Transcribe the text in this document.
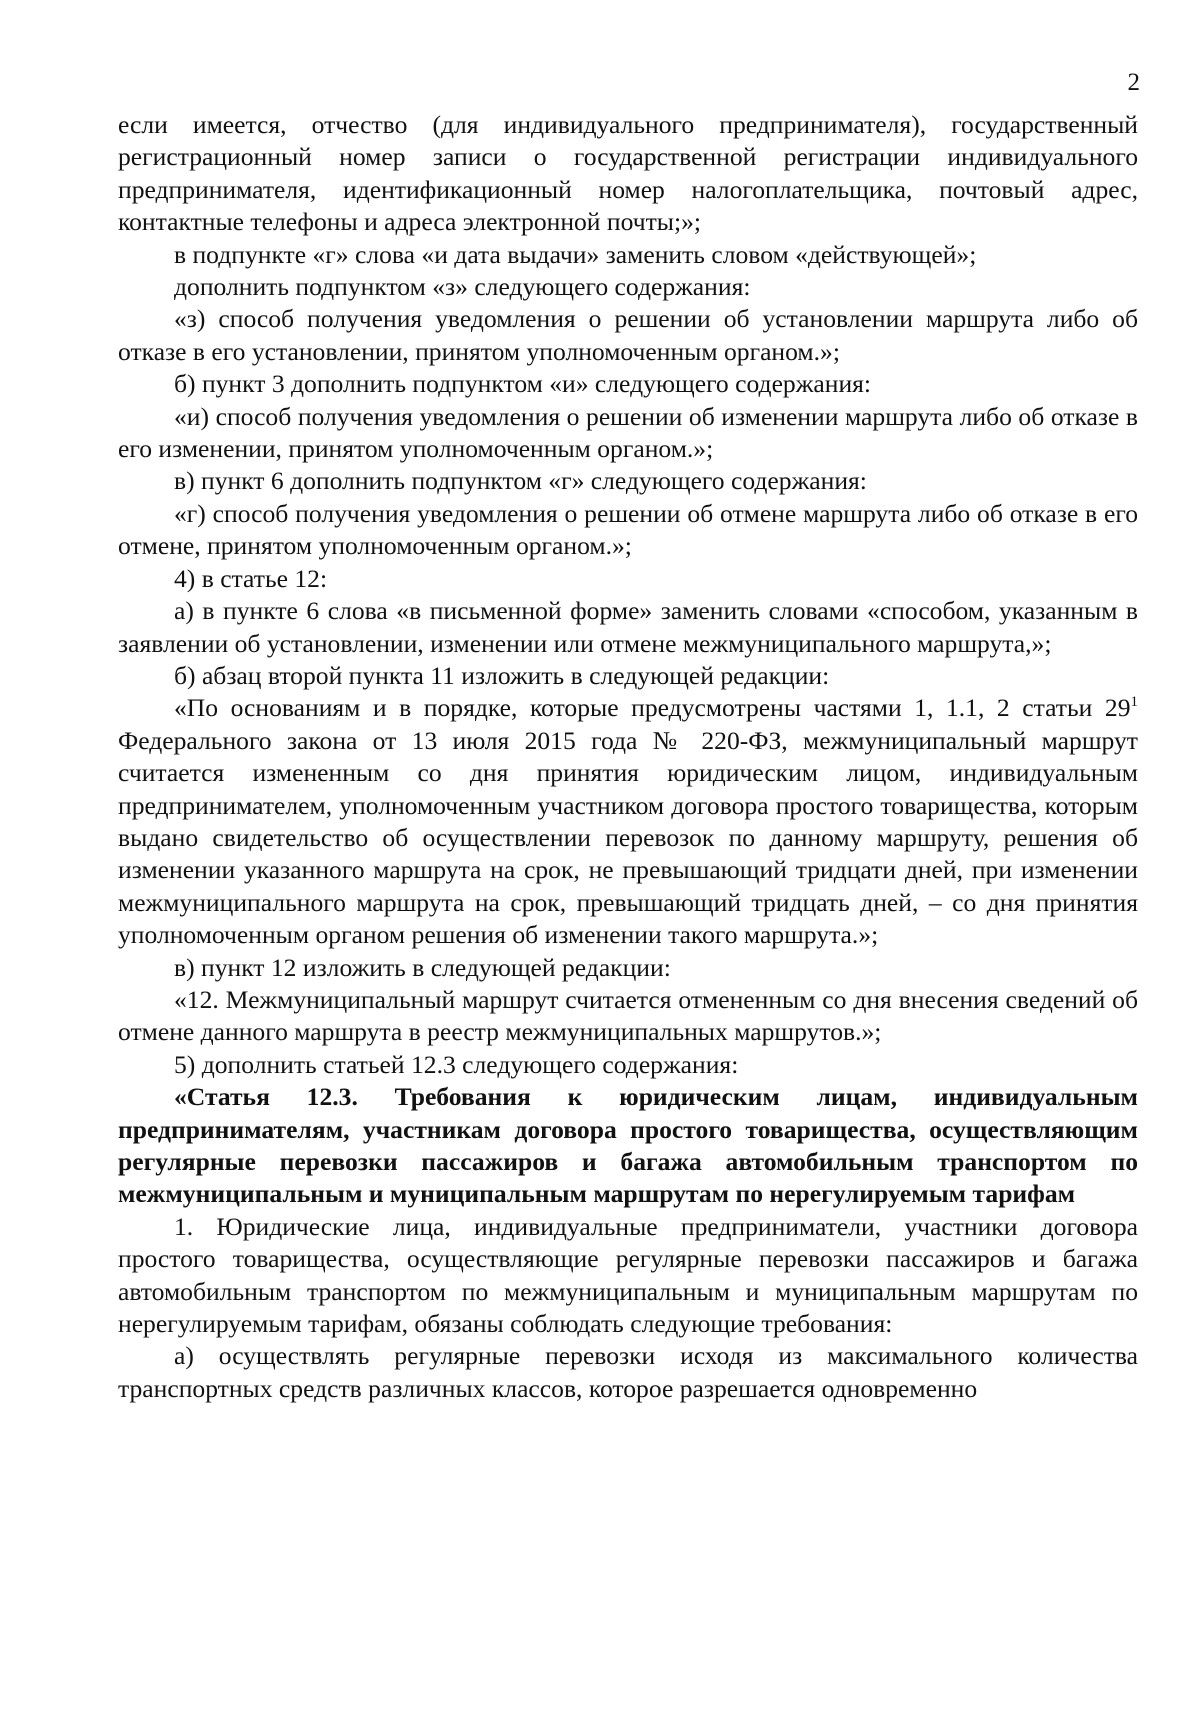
2

если имеется, отчество (для индивидуального предпринимателя), государственный регистрационный номер записи о государственной регистрации индивидуального предпринимателя, идентификационный номер налогоплательщика, почтовый адрес, контактные телефоны и адреса электронной почты;»;

в подпункте «г» слова «и дата выдачи» заменить словом «действующей»;

дополнить подпунктом «з» следующего содержания:

«з) способ получения уведомления о решении об установлении маршрута либо об отказе в его установлении, принятом уполномоченным органом.»;

б) пункт 3 дополнить подпунктом «и» следующего содержания:

«и) способ получения уведомления о решении об изменении маршрута либо об отказе в его изменении, принятом уполномоченным органом.»;

в) пункт 6 дополнить подпунктом «г» следующего содержания:

«г) способ получения уведомления о решении об отмене маршрута либо об отказе в его отмене, принятом уполномоченным органом.»;

4) в статье 12:

а) в пункте 6 слова «в письменной форме» заменить словами «способом, указанным в заявлении об установлении, изменении или отмене межмуниципального маршрута,»;

б) абзац второй пункта 11 изложить в следующей редакции:

«По основаниям и в порядке, которые предусмотрены частями 1, 1.1, 2 статьи $29^1$ Федерального закона от 13 июля 2015 года № 220-ФЗ, межмуниципальный маршрут считается измененным со дня принятия юридическим лицом, индивидуальным предпринимателем, уполномоченным участником договора простого товарищества, которым выдано свидетельство об осуществлении перевозок по данному маршруту, решения об изменении указанного маршрута на срок, не превышающий тридцати дней, при изменении межмуниципального маршрута на срок, превышающий тридцать дней, – со дня принятия уполномоченным органом решения об изменении такого маршрута.»;

в) пункт 12 изложить в следующей редакции:

«12. Межмуниципальный маршрут считается отмененным со дня внесения сведений об отмене данного маршрута в реестр межмуниципальных маршрутов.»;

5) дополнить статьей 12.3 следующего содержания:

«Статья 12.3. Требования к юридическим лицам, индивидуальным предпринимателям, участникам договора простого товарищества, осуществляющим регулярные перевозки пассажиров и багажа автомобильным транспортом по межмуниципальным и муниципальным маршрутам по нерегулируемым тарифам

1. Юридические лица, индивидуальные предприниматели, участники договора простого товарищества, осуществляющие регулярные перевозки пассажиров и багажа автомобильным транспортом по межмуниципальным и муниципальным маршрутам по нерегулируемым тарифам, обязаны соблюдать следующие требования:

а) осуществлять регулярные перевозки исходя из максимального количества транспортных средств различных классов, которое разрешается одновременно
